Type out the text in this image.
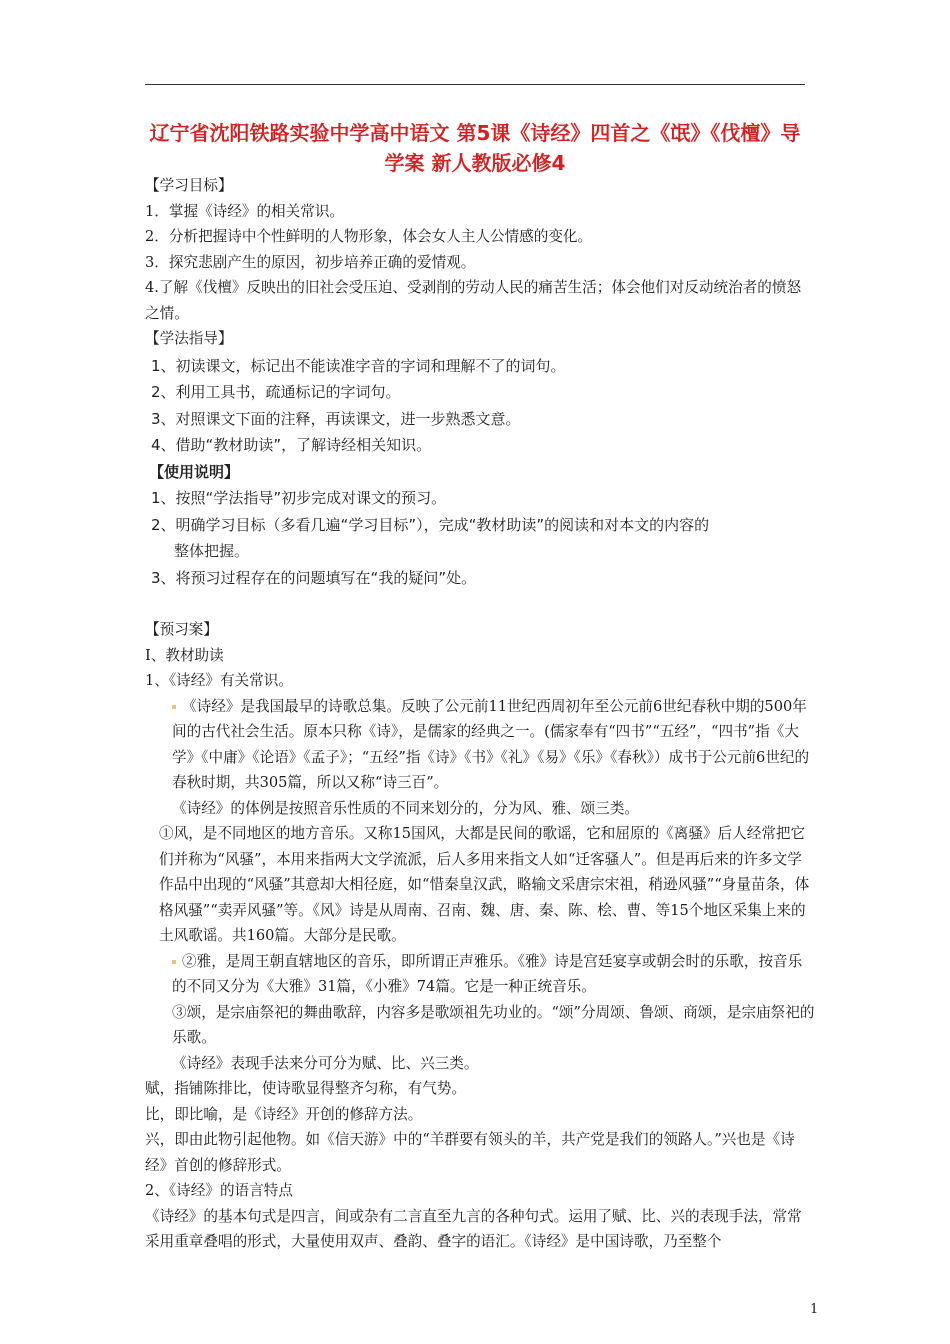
辽宁省沈阳铁路实验中学高中语文 第5课《诗经》四首之《氓》《伐檀》导学案 新人教版必修4

【学习目标】

1．掌握《诗经》的相关常识。

2．分析把握诗中个性鲜明的人物形象，体会女人主人公情感的变化。

3．探究悲剧产生的原因，初步培养正确的爱情观。

4.了解《伐檀》反映出的旧社会受压迫、受剥削的劳动人民的痛苦生活；体会他们对反动统治者的愤怒之情。

【学法指导】

1、初读课文，标记出不能读准字音的字词和理解不了的词句。

2、利用工具书，疏通标记的字词句。

3、对照课文下面的注释，再读课文，进一步熟悉文意。

4、借助“教材助读”，了解诗经相关知识。

【使用说明】

1、按照“学法指导”初步完成对课文的预习。

2、明确学习目标（多看几遍“学习目标”），完成“教材助读”的阅读和对本文的内容的

整体把握。

3、将预习过程存在的问题填写在“我的疑问”处。

【预习案】

I、教材助读

1、《诗经》有关常识。

《诗经》是我国最早的诗歌总集。反映了公元前11世纪西周初年至公元前6世纪春秋中期的500年间的古代社会生活。原本只称《诗》，是儒家的经典之一。(儒家奉有“四书”“五经”，“四书”指《大学》《中庸》《论语》《孟子》；“五经”指《诗》《书》《礼》《易》《乐》《春秋》）成书于公元前6世纪的春秋时期，共305篇，所以又称“诗三百”。

《诗经》的体例是按照音乐性质的不同来划分的，分为风、雅、颂三类。

①风，是不同地区的地方音乐。又称15国风，大都是民间的歌谣，它和屈原的《离骚》后人经常把它们并称为“风骚”，本用来指两大文学流派，后人多用来指文人如“迁客骚人”。但是再后来的许多文学作品中出现的“风骚”其意却大相径庭，如“惜秦皇汉武，略输文采唐宗宋祖，稍逊风骚”“身量苗条，体格风骚”“卖弄风骚”等。《风》诗是从周南、召南、魏、唐、秦、陈、桧、曹、等15个地区采集上来的土风歌谣。共160篇。大部分是民歌。

②雅，是周王朝直辖地区的音乐，即所谓正声雅乐。《雅》诗是宫廷宴享或朝会时的乐歌，按音乐的不同又分为《大雅》31篇，《小雅》74篇。它是一种正统音乐。

③颂，是宗庙祭祀的舞曲歌辞，内容多是歌颂祖先功业的。“颂”分周颂、鲁颂、商颂，是宗庙祭祀的乐歌。

《诗经》表现手法来分可分为赋、比、兴三类。

赋，指铺陈排比，使诗歌显得整齐匀称，有气势。

比，即比喻，是《诗经》开创的修辞方法。

兴，即由此物引起他物。如《信天游》中的“羊群要有领头的羊，共产党是我们的领路人。”兴也是《诗经》首创的修辞形式。

2、《诗经》的语言特点

《诗经》的基本句式是四言，间或杂有二言直至九言的各种句式。运用了赋、比、兴的表现手法，常常采用重章叠唱的形式，大量使用双声、叠韵、叠字的语汇。《诗经》是中国诗歌，乃至整个

1
